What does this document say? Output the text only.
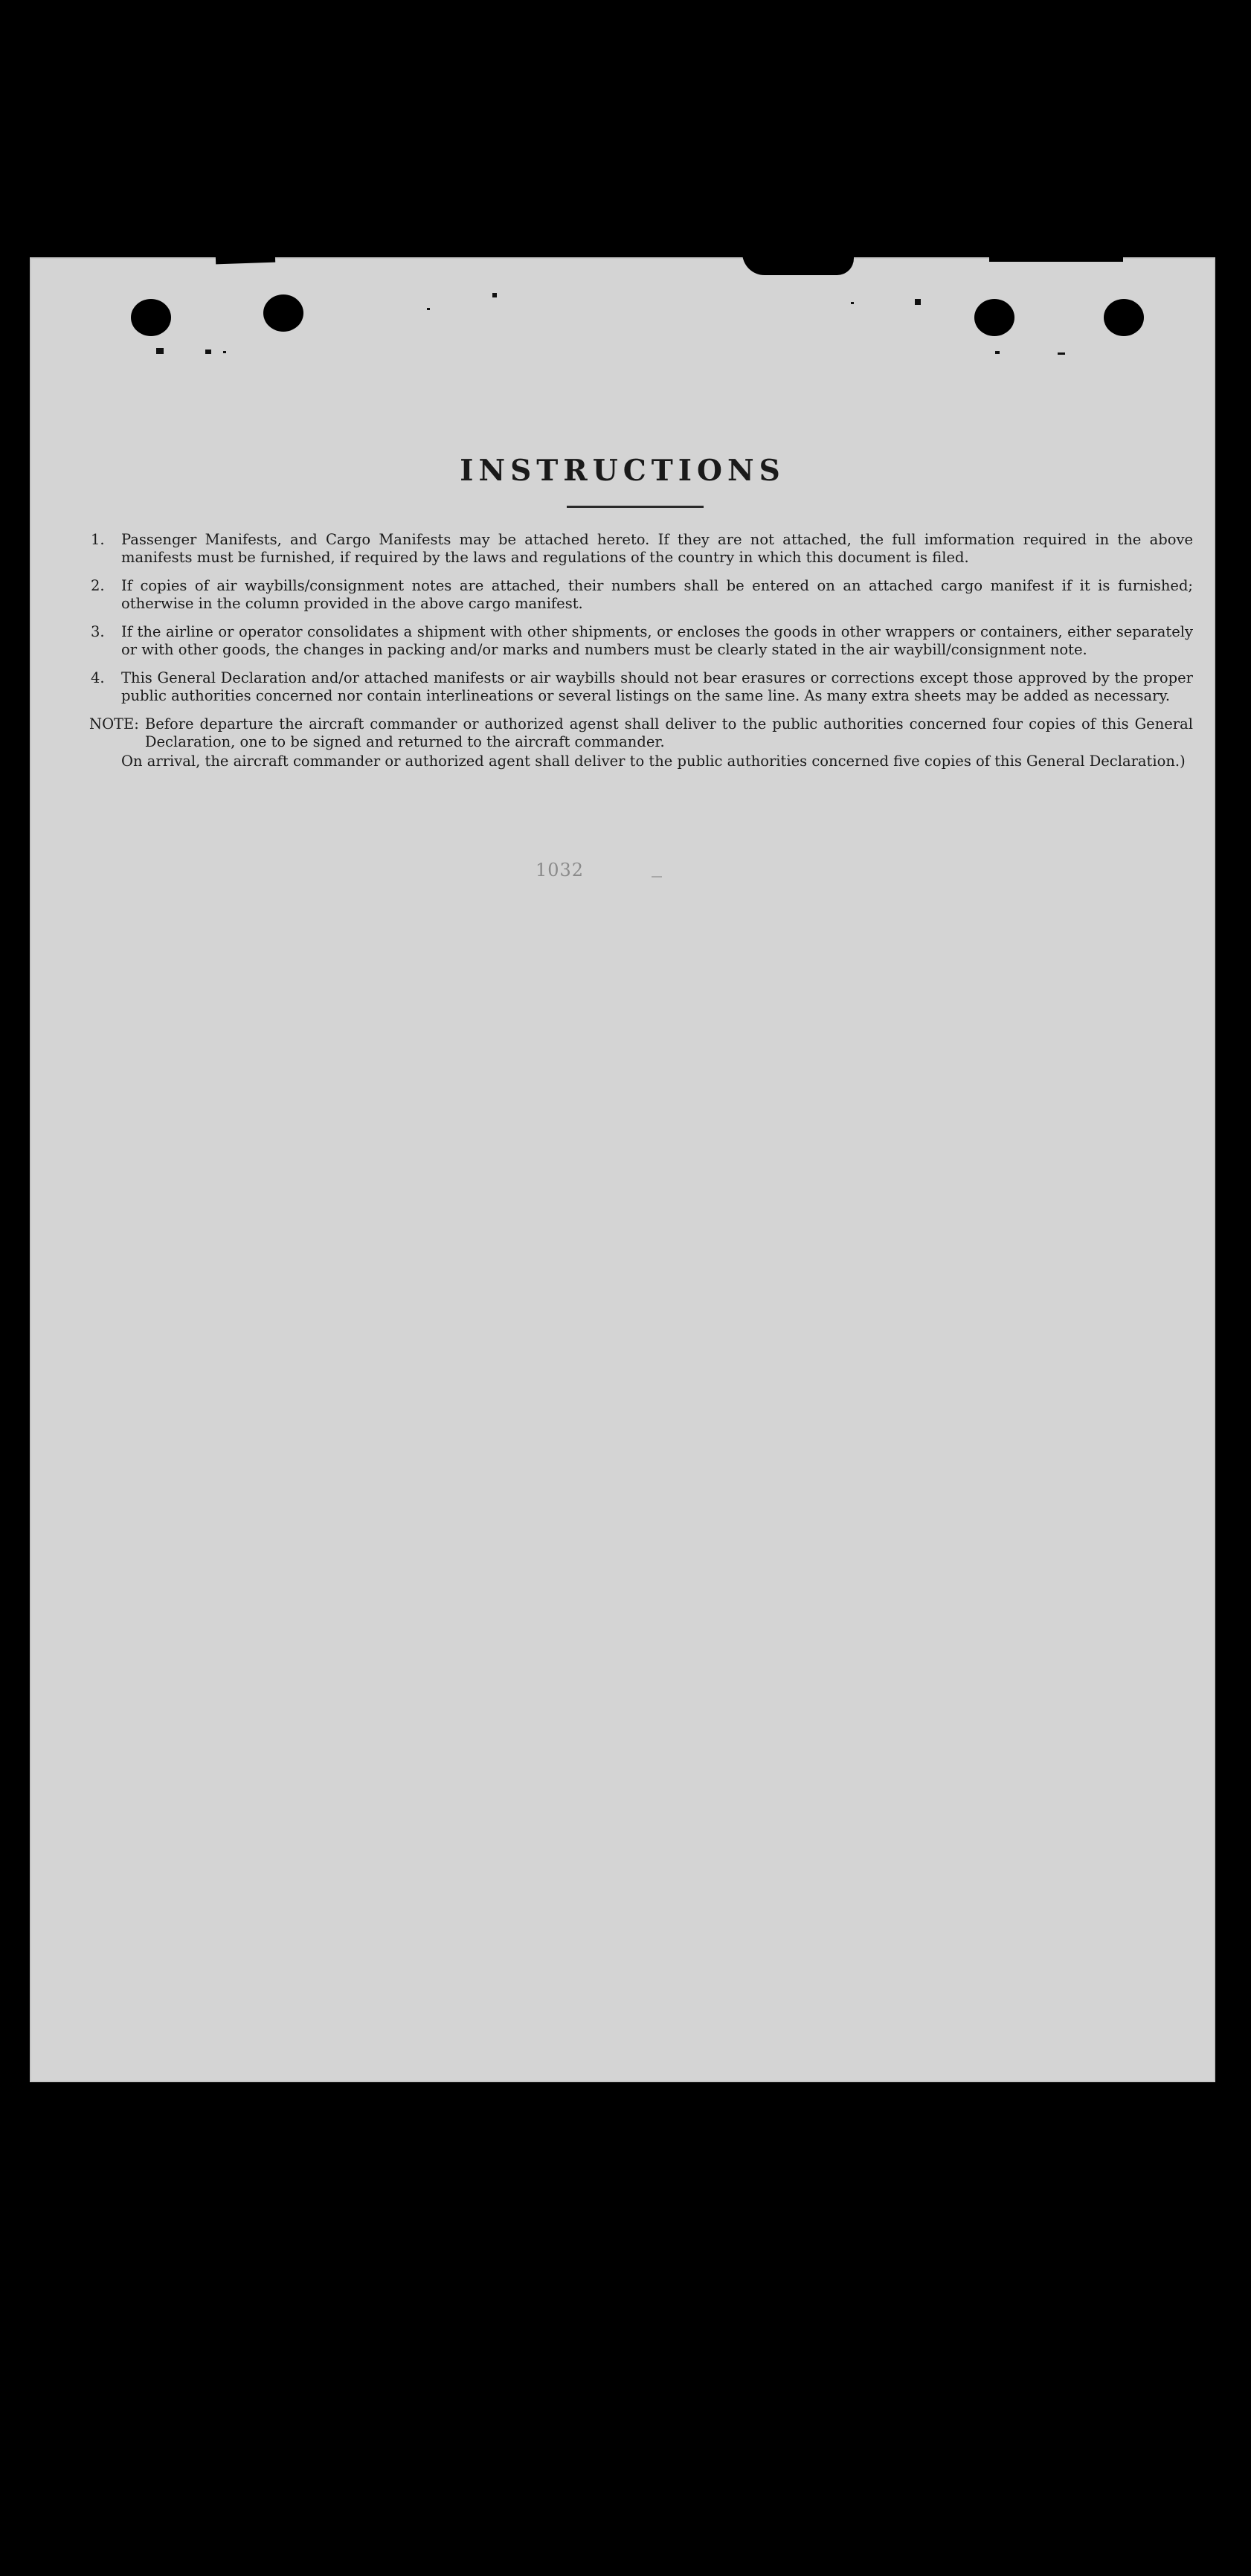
INSTRUCTIONS
1.	Passenger Manifests, and Cargo Manifests may be attached hereto. If they are not attached, the full imformation required in the above manifests must be furnished, if required by the laws and regulations of the country in which this document is filed.
2.	If copies of air waybills/consignment notes are attached, their numbers shall be entered on an attached cargo manifest if it is furnished; otherwise in the column provided in the above cargo manifest.
3.	If the airline or operator consolidates a shipment with other shipments, or encloses the goods in other wrappers or containers, either separately or with other goods, the changes in packing and/or marks and numbers must be clearly stated in the air waybill/consignment note.
4.	This General Declaration and/or attached manifests or air waybills should not bear erasures or corrections except those approved by the proper public authorities concerned nor contain interlineations or several listings on the same line. As many extra sheets may be added as necessary.
NOTE: Before departure the aircraft commander or authorized agenst shall deliver to the public authorities concerned four copies of this General Declaration, one to be signed and returned to the aircraft commander.
On arrival, the aircraft commander or authorized agent shall deliver to the public authorities concerned five copies of this General Declaration.)
1032
